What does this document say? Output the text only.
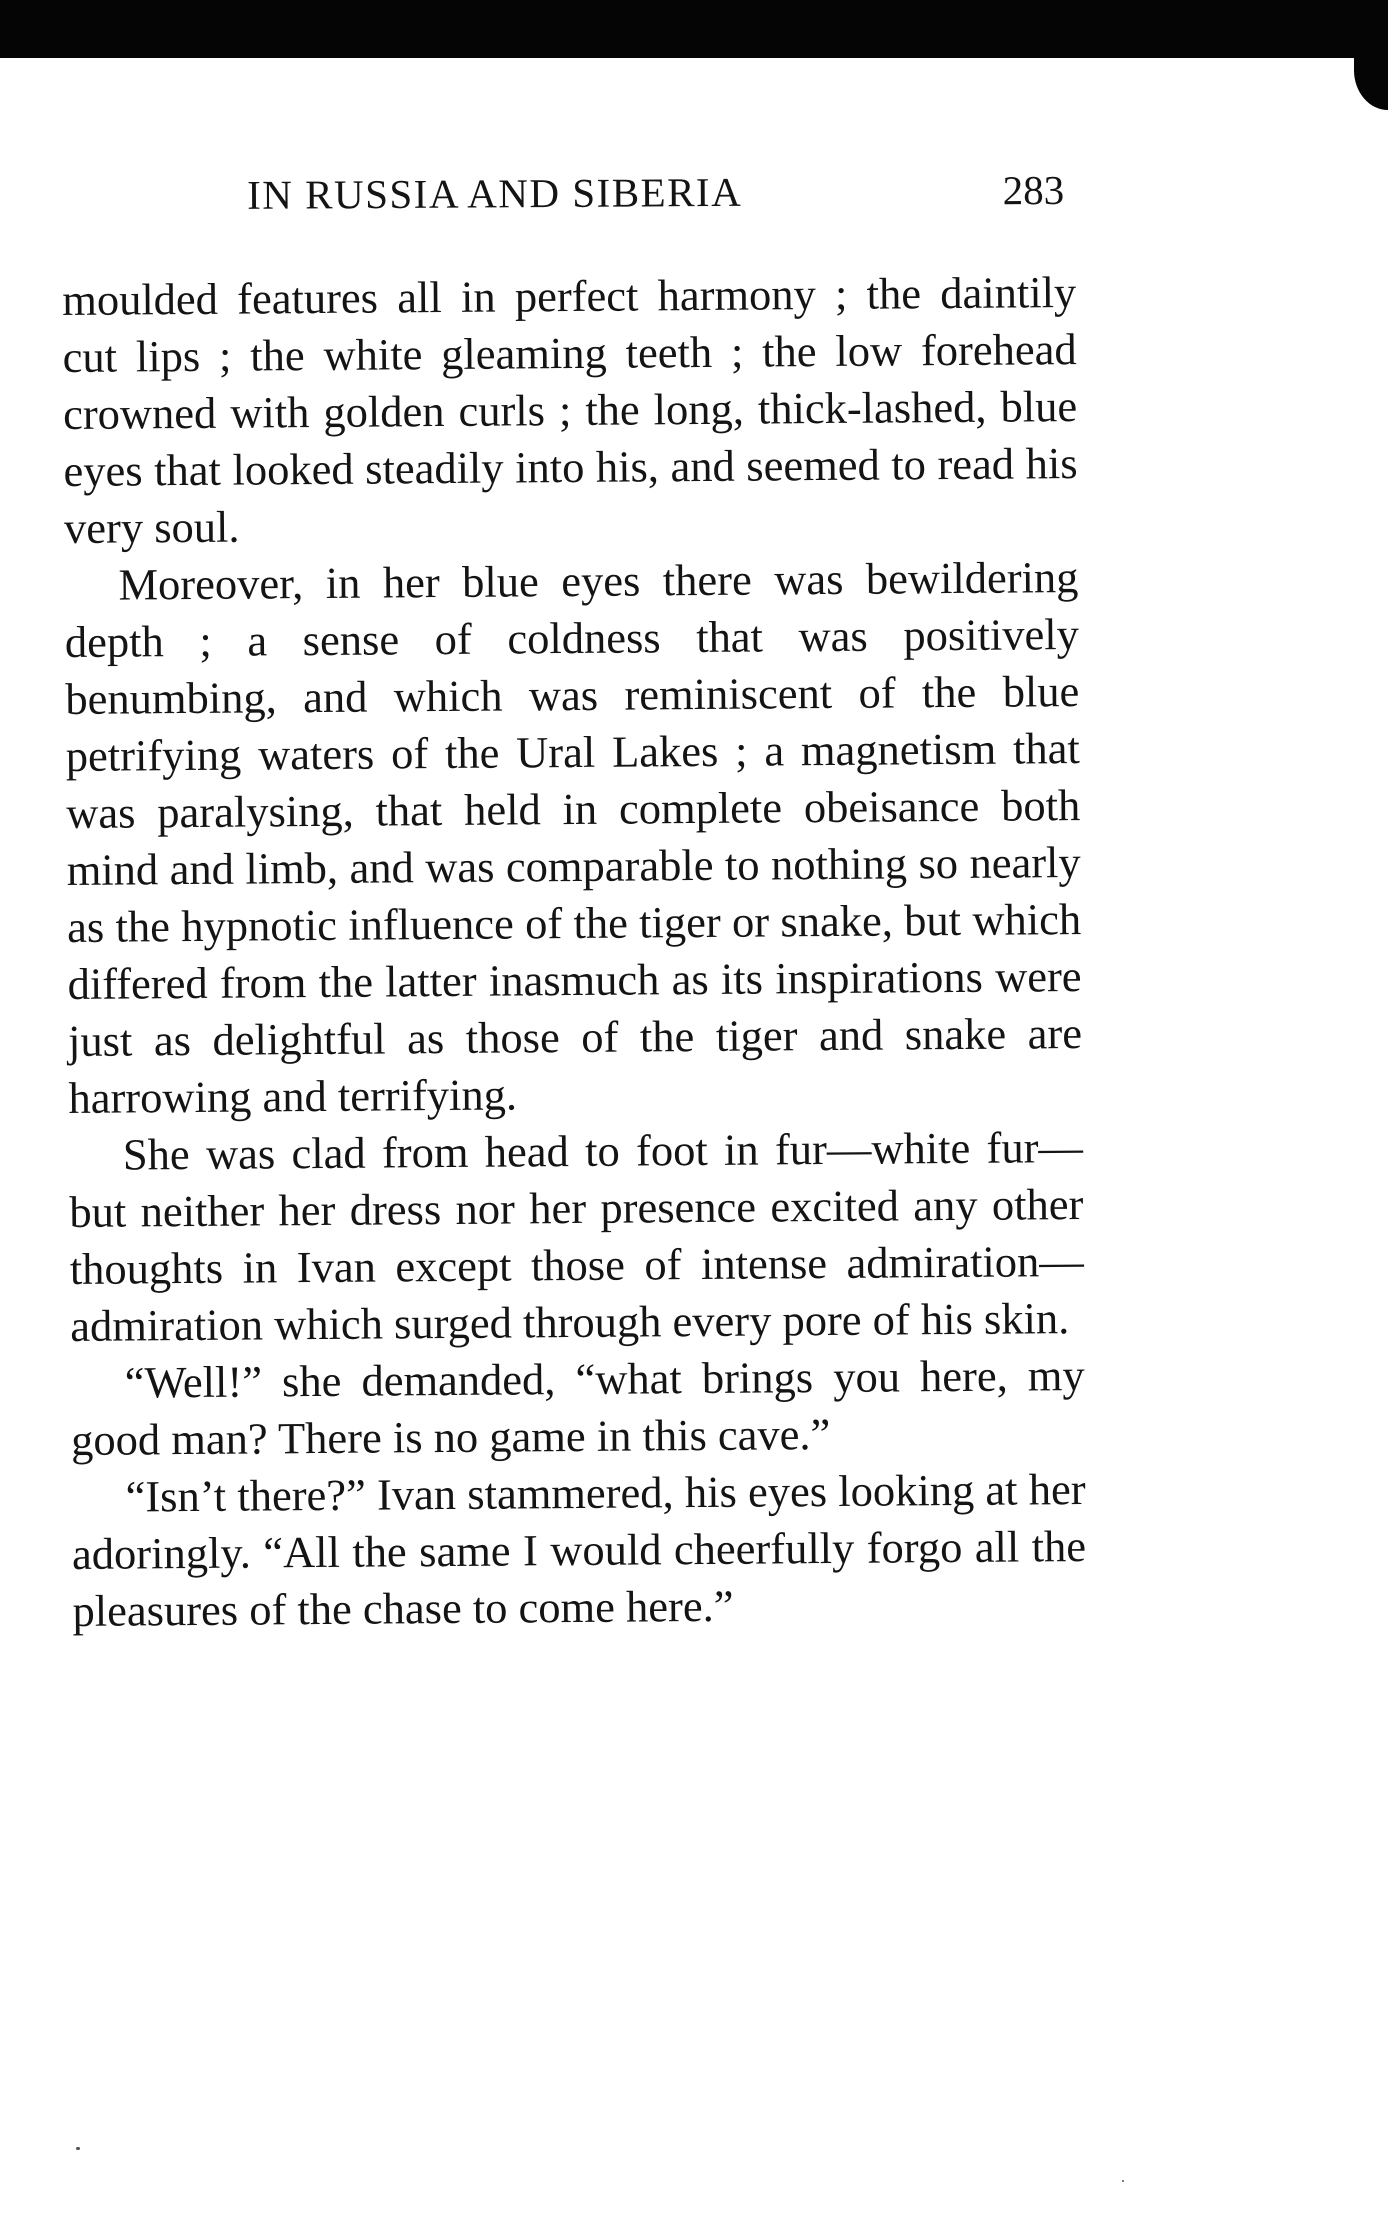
IN RUSSIA AND SIBERIA	283

moulded features all in perfect harmony ; the daintily cut lips ; the white gleaming teeth ; the low forehead crowned with golden curls ; the long, thick-lashed, blue eyes that looked steadily into his, and seemed to read his very soul.

Moreover, in her blue eyes there was bewildering depth ; a sense of coldness that was positively benumbing, and which was reminiscent of the blue petrifying waters of the Ural Lakes ; a magnetism that was paralysing, that held in complete obeisance both mind and limb, and was comparable to nothing so nearly as the hypnotic influence of the tiger or snake, but which differed from the latter inasmuch as its inspirations were just as delightful as those of the tiger and snake are harrowing and terrifying.

She was clad from head to foot in fur—white fur—but neither her dress nor her presence excited any other thoughts in Ivan except those of intense admiration—admiration which surged through every pore of his skin.

“Well!” she demanded, “what brings you here, my good man? There is no game in this cave.”

“Isn’t there?” Ivan stammered, his eyes looking at her adoringly. “All the same I would cheerfully forgo all the pleasures of the chase to come here.”
